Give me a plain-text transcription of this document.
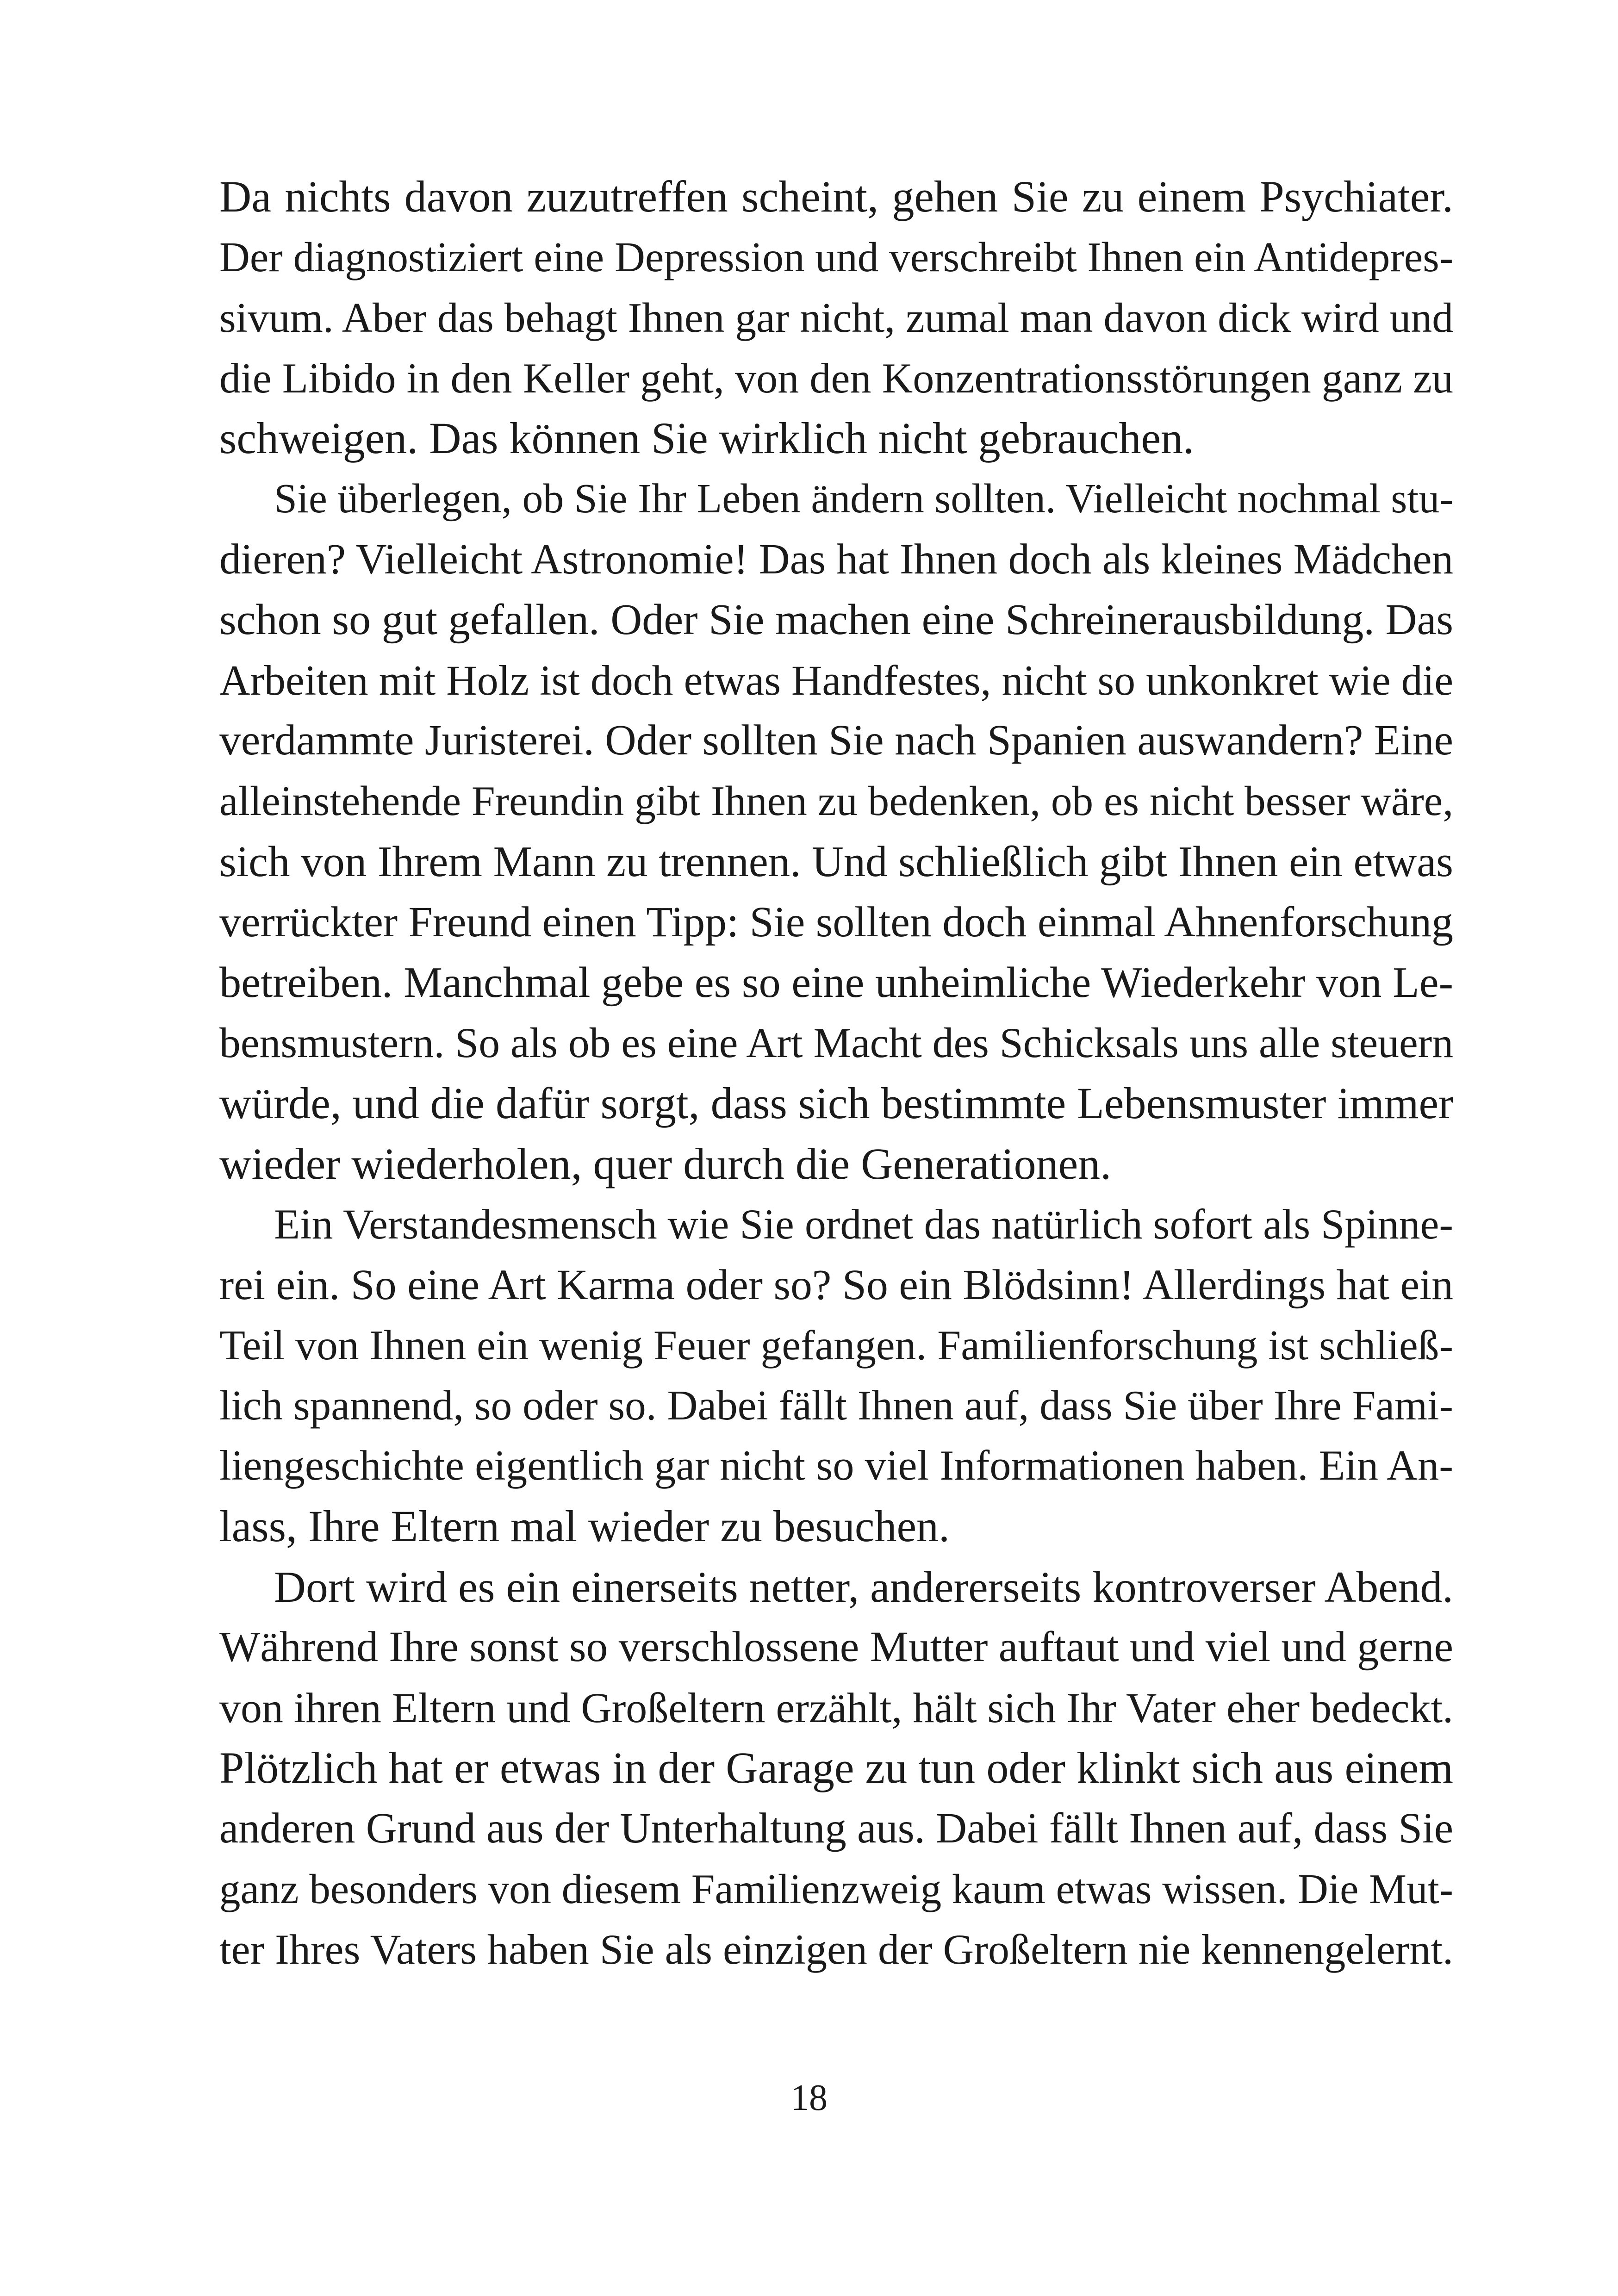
Da nichts davon zuzutreffen scheint, gehen Sie zu einem Psychiater.
Der diagnostiziert eine Depression und verschreibt Ihnen ein Antidepres-
sivum. Aber das behagt Ihnen gar nicht, zumal man davon dick wird und
die Libido in den Keller geht, von den Konzentrationsstörungen ganz zu
schweigen. Das können Sie wirklich nicht gebrauchen.
Sie überlegen, ob Sie Ihr Leben ändern sollten. Vielleicht nochmal stu-
dieren? Vielleicht Astronomie! Das hat Ihnen doch als kleines Mädchen
schon so gut gefallen. Oder Sie machen eine Schreinerausbildung. Das
Arbeiten mit Holz ist doch etwas Handfestes, nicht so unkonkret wie die
verdammte Juristerei. Oder sollten Sie nach Spanien auswandern? Eine
alleinstehende Freundin gibt Ihnen zu bedenken, ob es nicht besser wäre,
sich von Ihrem Mann zu trennen. Und schließlich gibt Ihnen ein etwas
verrückter Freund einen Tipp: Sie sollten doch einmal Ahnenforschung
betreiben. Manchmal gebe es so eine unheimliche Wiederkehr von Le-
bensmustern. So als ob es eine Art Macht des Schicksals uns alle steuern
würde, und die dafür sorgt, dass sich bestimmte Lebensmuster immer
wieder wiederholen, quer durch die Generationen.
Ein Verstandesmensch wie Sie ordnet das natürlich sofort als Spinne-
rei ein. So eine Art Karma oder so? So ein Blödsinn! Allerdings hat ein
Teil von Ihnen ein wenig Feuer gefangen. Familienforschung ist schließ-
lich spannend, so oder so. Dabei fällt Ihnen auf, dass Sie über Ihre Fami-
liengeschichte eigentlich gar nicht so viel Informationen haben. Ein An-
lass, Ihre Eltern mal wieder zu besuchen.
Dort wird es ein einerseits netter, andererseits kontroverser Abend.
Während Ihre sonst so verschlossene Mutter auftaut und viel und gerne
von ihren Eltern und Großeltern erzählt, hält sich Ihr Vater eher bedeckt.
Plötzlich hat er etwas in der Garage zu tun oder klinkt sich aus einem
anderen Grund aus der Unterhaltung aus. Dabei fällt Ihnen auf, dass Sie
ganz besonders von diesem Familienzweig kaum etwas wissen. Die Mut-
ter Ihres Vaters haben Sie als einzigen der Großeltern nie kennengelernt.
18
